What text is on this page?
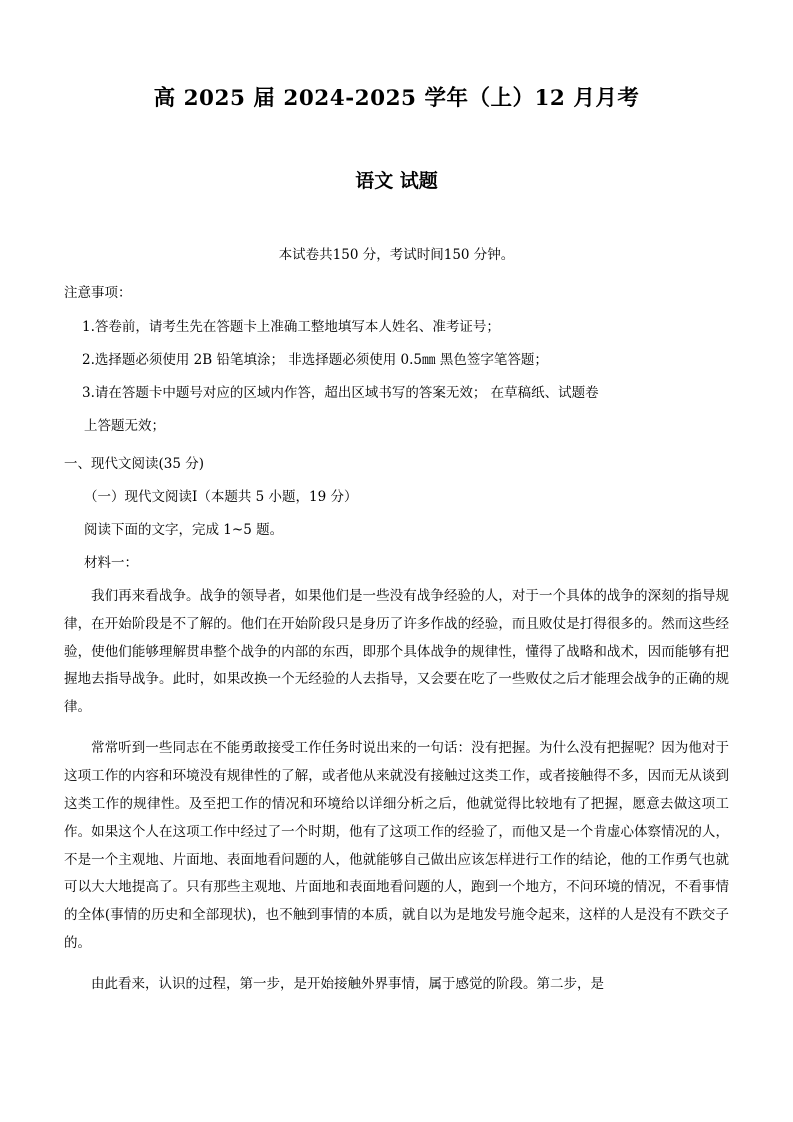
高 2025 届 2024-2025 学年（上）12 月月考
语文 试题
本试卷共150 分，考试时间150 分钟。
注意事项：
1.答卷前，请考生先在答题卡上准确工整地填写本人姓名、准考证号；
2.选择题必须使用 2B 铅笔填涂； 非选择题必须使用 0.5㎜ 黑色签字笔答题；
3.请在答题卡中题号对应的区域内作答，超出区域书写的答案无效； 在草稿纸、试题卷
上答题无效；
一、现代文阅读(35 分)
（一）现代文阅读Ⅰ（本题共 5 小题，19 分）
阅读下面的文字，完成 1~5 题。
材料一：

我们再来看战争。战争的领导者，如果他们是一些没有战争经验的人，对于一个具体的战争的深刻的指导规律，在开始阶段是不了解的。他们在开始阶段只是身历了许多作战的经验，而且败仗是打得很多的。然而这些经验，使他们能够理解贯串整个战争的内部的东西，即那个具体战争的规律性，懂得了战略和战术，因而能够有把握地去指导战争。此时，如果改换一个无经验的人去指导，又会要在吃了一些败仗之后才能理会战争的正确的规律。

常常听到一些同志在不能勇敢接受工作任务时说出来的一句话：没有把握。为什么没有把握呢？因为他对于这项工作的内容和环境没有规律性的了解，或者他从来就没有接触过这类工作，或者接触得不多，因而无从谈到这类工作的规律性。及至把工作的情况和环境给以详细分析之后，他就觉得比较地有了把握，愿意去做这项工作。如果这个人在这项工作中经过了一个时期，他有了这项工作的经验了，而他又是一个肯虚心体察情况的人，不是一个主观地、片面地、表面地看问题的人，他就能够自己做出应该怎样进行工作的结论，他的工作勇气也就可以大大地提高了。只有那些主观地、片面地和表面地看问题的人，跑到一个地方，不问环境的情况，不看事情的全体(事情的历史和全部现状)，也不触到事情的本质，就自以为是地发号施令起来，这样的人是没有不跌交子的。

由此看来，认识的过程，第一步，是开始接触外界事情，属于感觉的阶段。第二步，是
